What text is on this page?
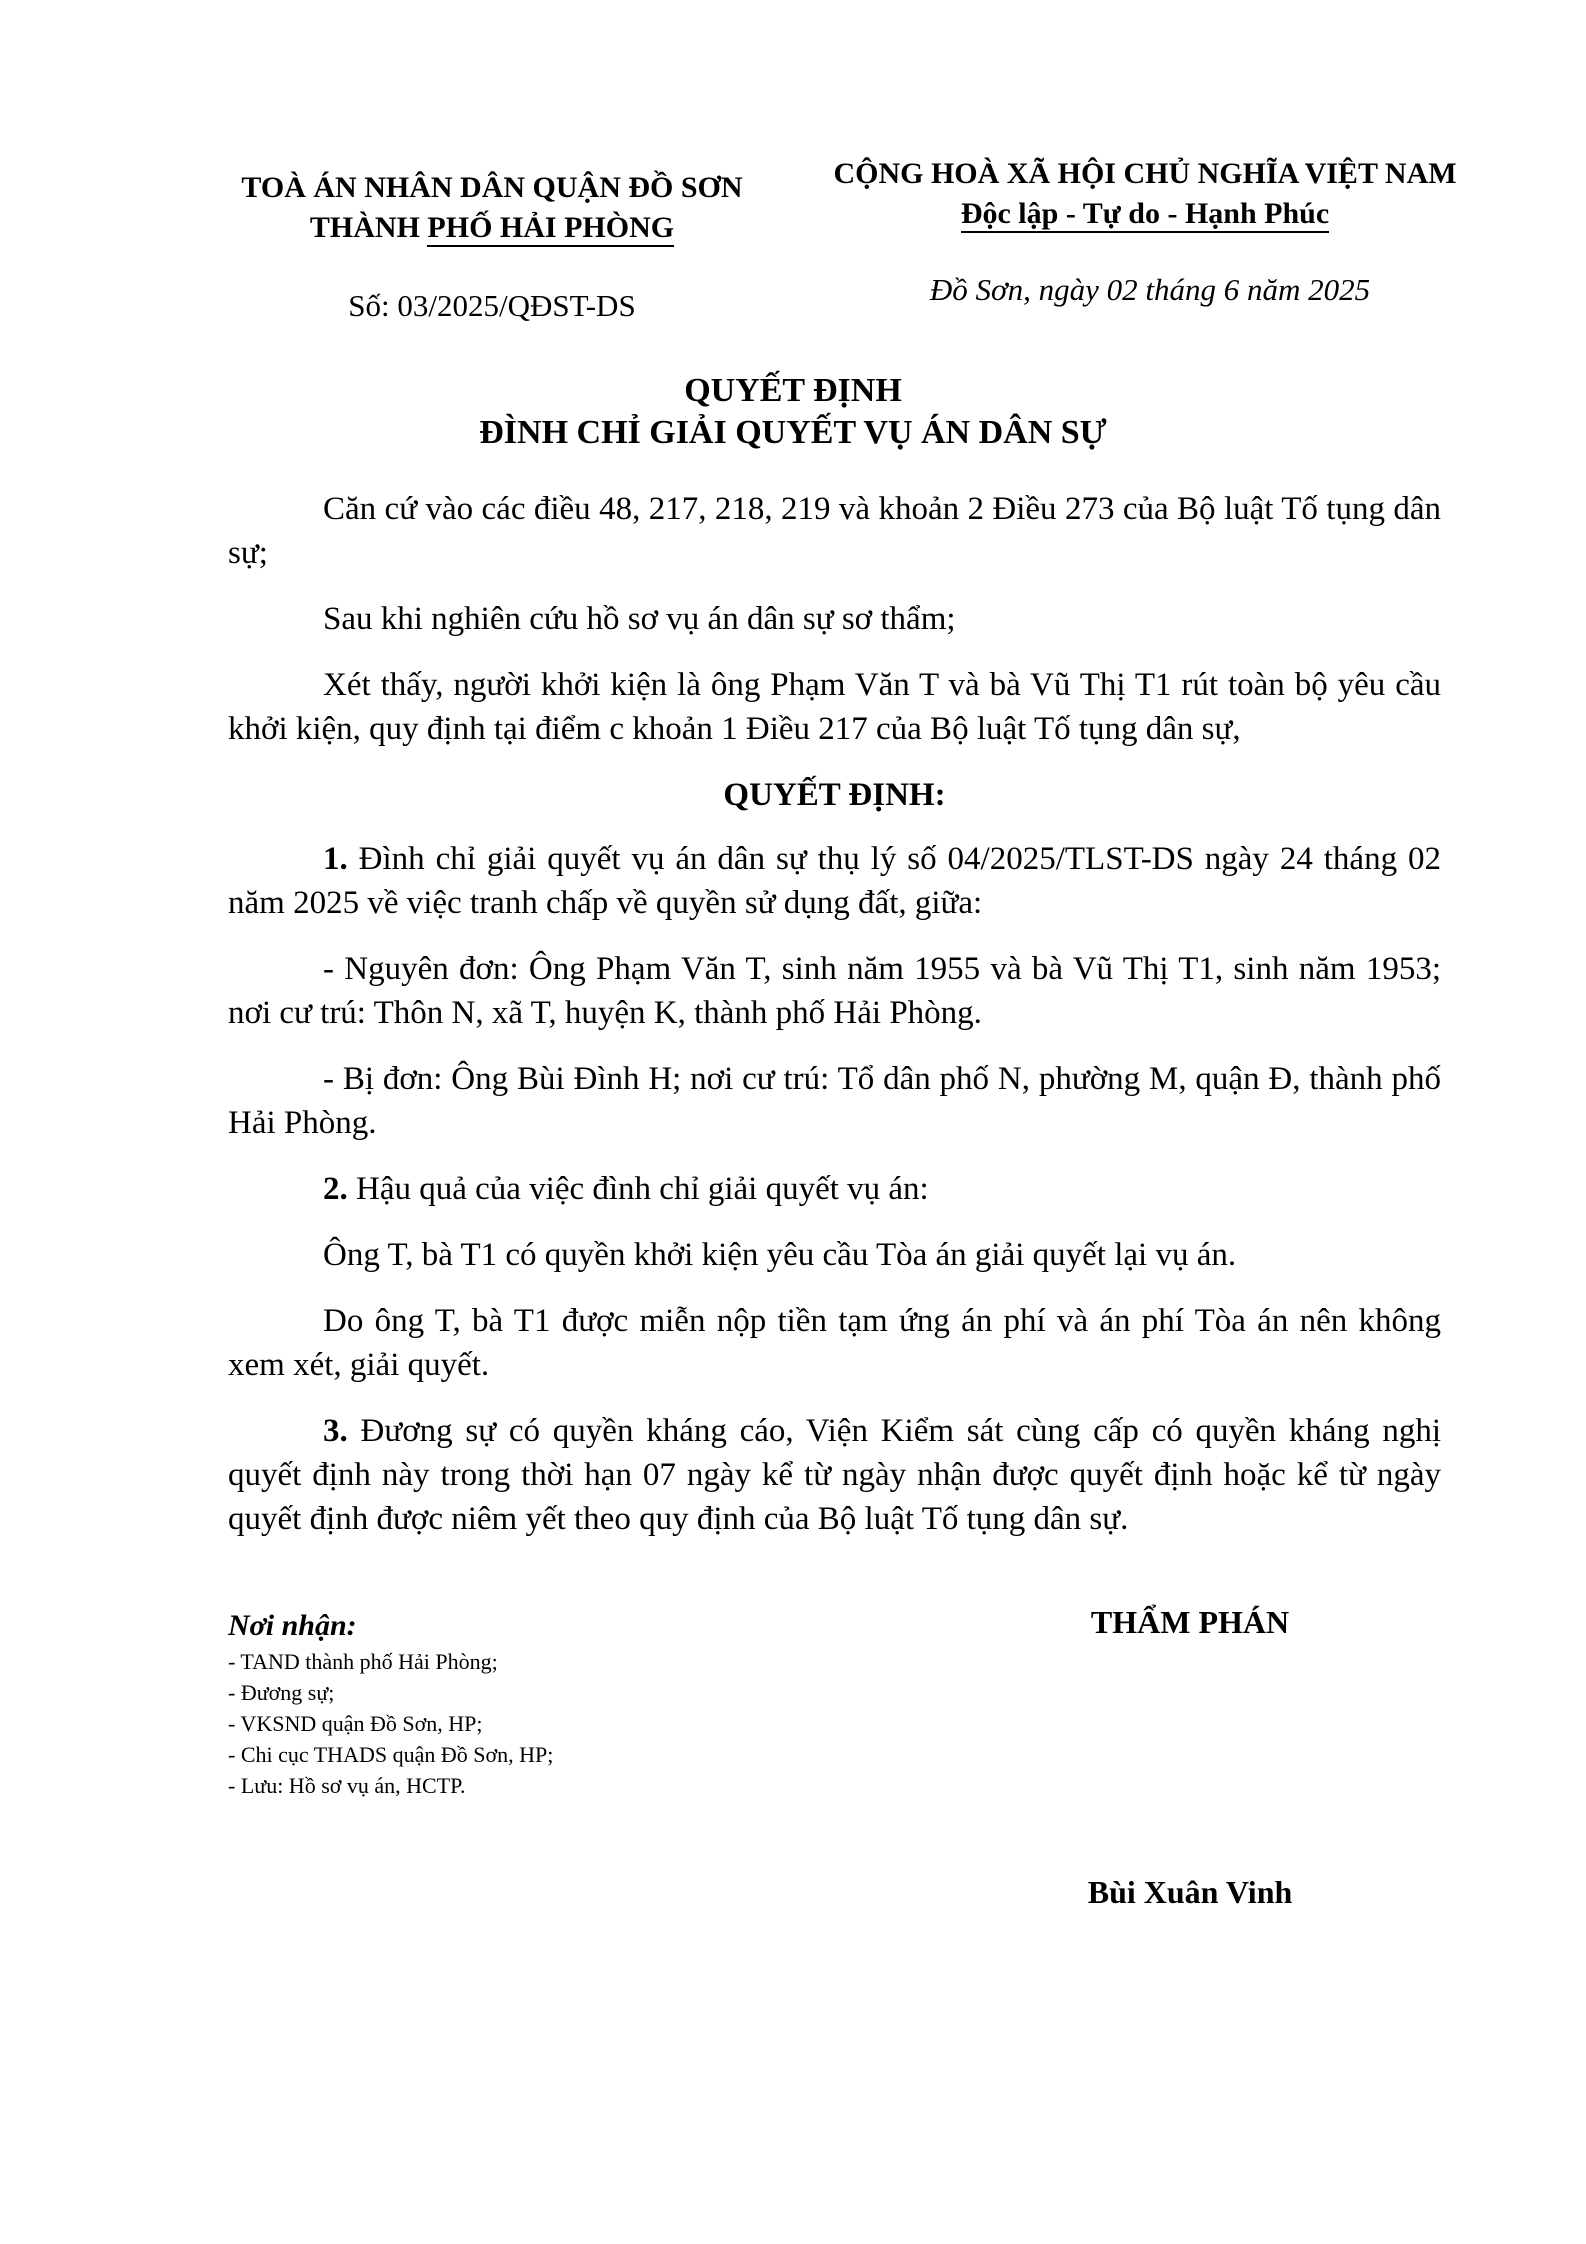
TOÀ ÁN NHÂN DÂN QUẬN ĐỒ SƠN
THÀNH PHỐ HẢI PHÒNG
CỘNG HOÀ XÃ HỘI CHỦ NGHĨA VIỆT NAM
Độc lập - Tự do - Hạnh Phúc
Số: 03/2025/QĐST-DS	Đồ Sơn, ngày 02 tháng 6 năm 2025
QUYẾT ĐỊNH
ĐÌNH CHỈ GIẢI QUYẾT VỤ ÁN DÂN SỰ

Căn cứ vào các điều 48, 217, 218, 219 và khoản 2 Điều 273 của Bộ luật Tố tụng dân sự;

Sau khi nghiên cứu hồ sơ vụ án dân sự sơ thẩm;

Xét thấy, người khởi kiện là ông Phạm Văn T và bà Vũ Thị T1 rút toàn bộ yêu cầu khởi kiện, quy định tại điểm c khoản 1 Điều 217 của Bộ luật Tố tụng dân sự,

QUYẾT ĐỊNH:

1. Đình chỉ giải quyết vụ án dân sự thụ lý số 04/2025/TLST-DS ngày 24 tháng 02 năm 2025 về việc tranh chấp về quyền sử dụng đất, giữa:

- Nguyên đơn: Ông Phạm Văn T, sinh năm 1955 và bà Vũ Thị T1, sinh năm 1953; nơi cư trú: Thôn N, xã T, huyện K, thành phố Hải Phòng.

- Bị đơn: Ông Bùi Đình H; nơi cư trú: Tổ dân phố N, phường M, quận Đ, thành phố Hải Phòng.

2. Hậu quả của việc đình chỉ giải quyết vụ án:

Ông T, bà T1 có quyền khởi kiện yêu cầu Tòa án giải quyết lại vụ án.

Do ông T, bà T1 được miễn nộp tiền tạm ứng án phí và án phí Tòa án nên không xem xét, giải quyết.

3. Đương sự có quyền kháng cáo, Viện Kiểm sát cùng cấp có quyền kháng nghị quyết định này trong thời hạn 07 ngày kể từ ngày nhận được quyết định hoặc kể từ ngày quyết định được niêm yết theo quy định của Bộ luật Tố tụng dân sự.

Nơi nhận:
- TAND thành phố Hải Phòng;
- Đương sự;
- VKSND quận Đồ Sơn, HP;
- Chi cục THADS quận Đồ Sơn, HP;
- Lưu: Hồ sơ vụ án, HCTP.
THẨM PHÁN
Bùi Xuân Vinh
